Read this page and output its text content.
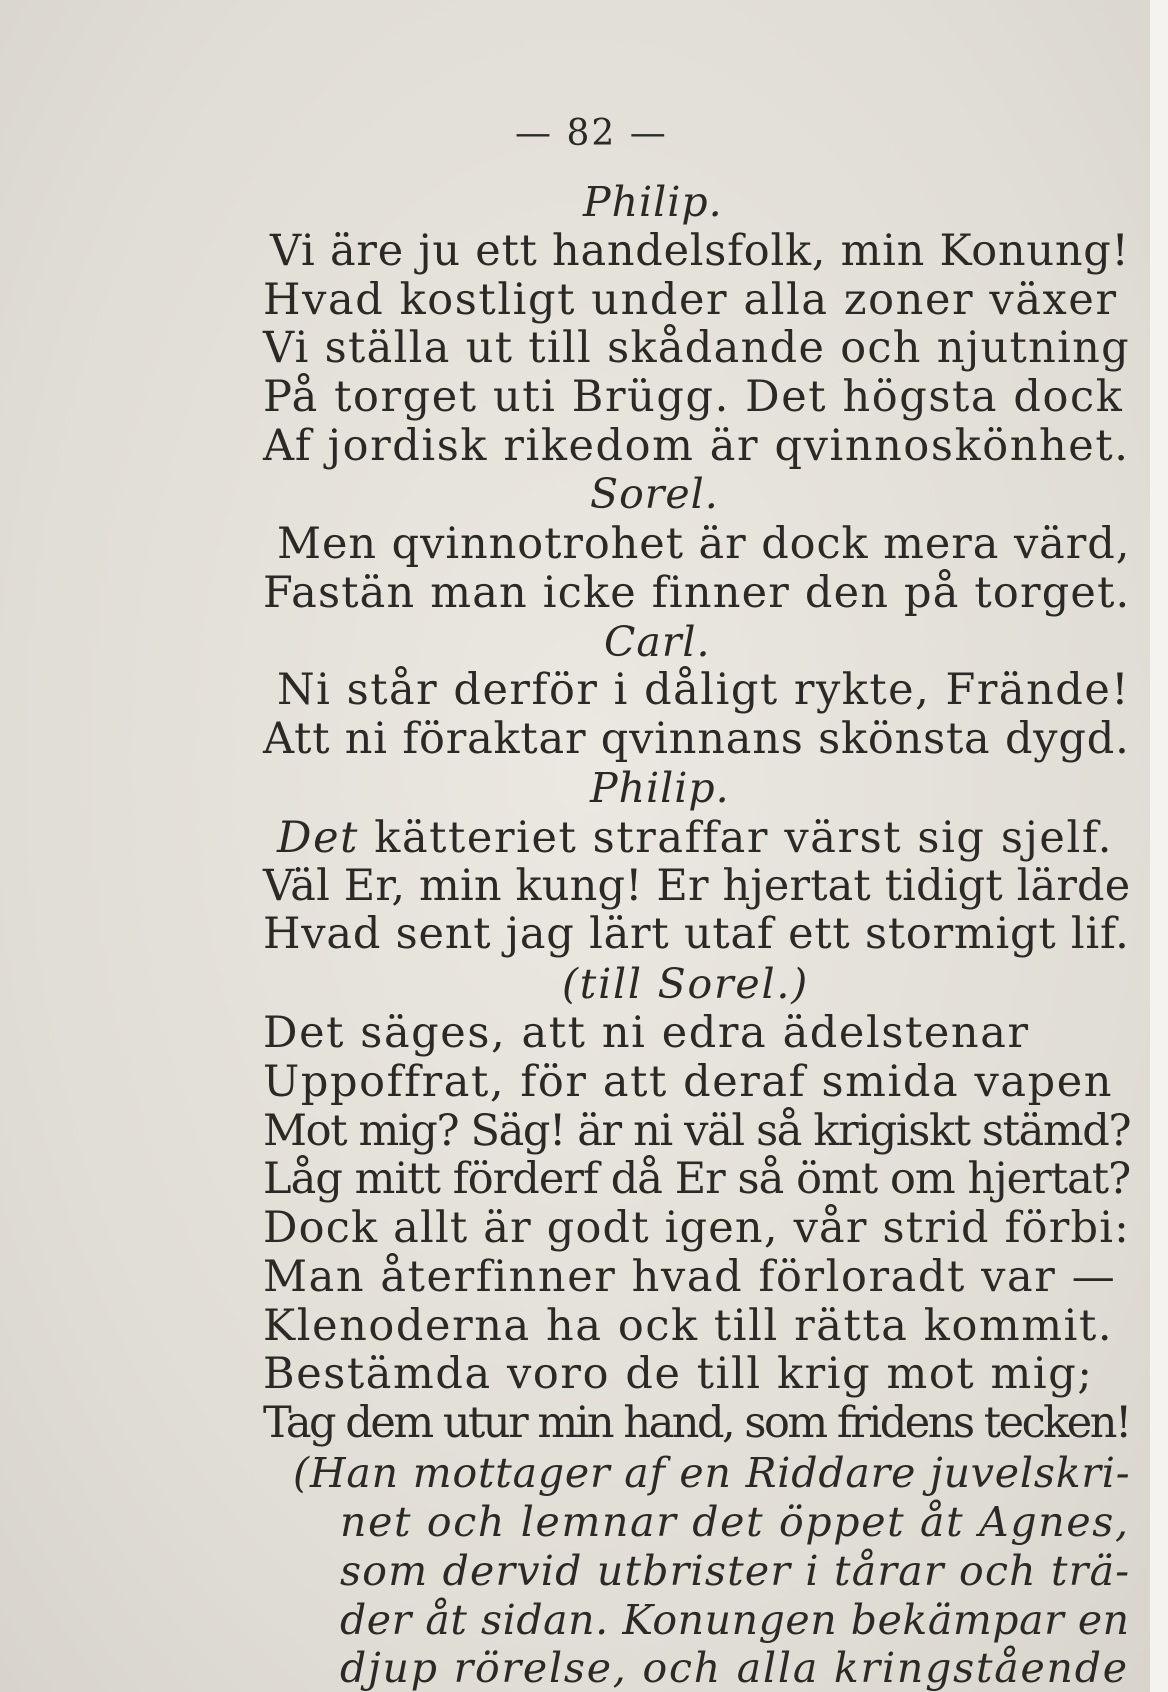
— 82 —
Philip.
Vi äre ju ett handelsfolk, min Konung!
Hvad kostligt under alla zoner växer
Vi ställa ut till skådande och njutning
På torget uti Brügg. Det högsta dock
Af jordisk rikedom är qvinnoskönhet.
Sorel.
Men qvinnotrohet är dock mera värd,
Fastän man icke finner den på torget.
Carl.
Ni står derför i dåligt rykte, Frände!
Att ni föraktar qvinnans skönsta dygd.
Philip.
Det kätteriet straffar värst sig sjelf.
Väl Er, min kung! Er hjertat tidigt lärde
Hvad sent jag lärt utaf ett stormigt lif.
(till Sorel.)
Det säges, att ni edra ädelstenar
Uppoffrat, för att deraf smida vapen
Mot mig? Säg! är ni väl så krigiskt stämd?
Låg mitt förderf då Er så ömt om hjertat?
Dock allt är godt igen, vår strid förbi:
Man återfinner hvad förloradt var —
Klenoderna ha ock till rätta kommit.
Bestämda voro de till krig mot mig;
Tag dem utur min hand, som fridens tecken!
(Han mottager af en Riddare juvelskri-
net och lemnar det öppet åt Agnes,
som dervid utbrister i tårar och trä-
der åt sidan. Konungen bekämpar en
djup rörelse, och alla kringstående
